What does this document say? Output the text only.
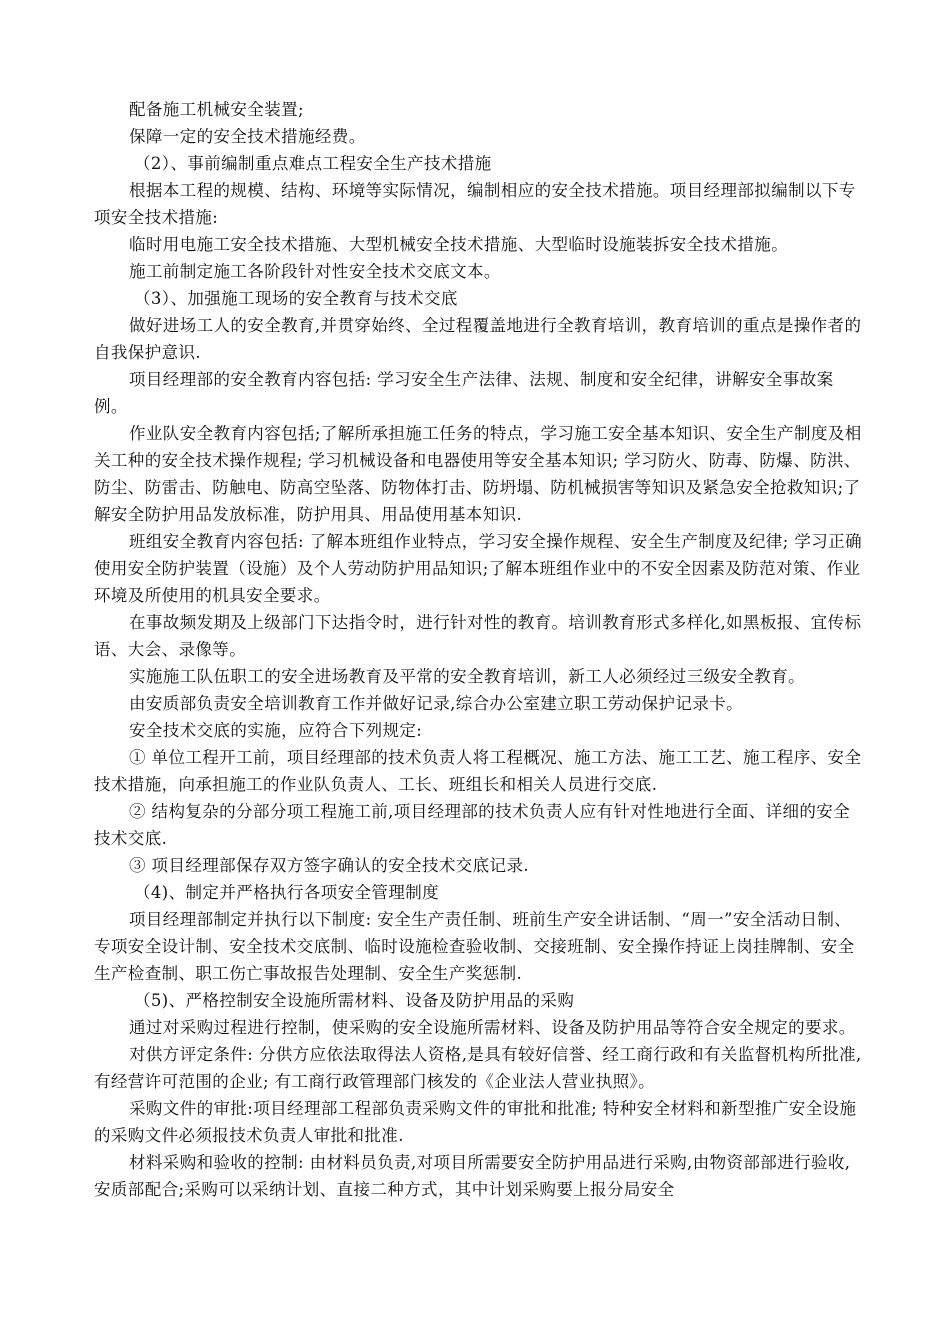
配备施工机械安全装置;

保障一定的安全技术措施经费。

（2）、事前编制重点难点工程安全生产技术措施

根据本工程的规模、结构、环境等实际情况，编制相应的安全技术措施。项目经理部拟编制以下专项安全技术措施:

临时用电施工安全技术措施、大型机械安全技术措施、大型临时设施装拆安全技术措施。

施工前制定施工各阶段针对性安全技术交底文本。

（3）、加强施工现场的安全教育与技术交底

做好进场工人的安全教育,并贯穿始终、全过程覆盖地进行全教育培训，教育培训的重点是操作者的自我保护意识.

项目经理部的安全教育内容包括: 学习安全生产法律、法规、制度和安全纪律，讲解安全事故案例。

作业队安全教育内容包括;了解所承担施工任务的特点，学习施工安全基本知识、安全生产制度及相关工种的安全技术操作规程; 学习机械设备和电器使用等安全基本知识; 学习防火、防毒、防爆、防洪、防尘、防雷击、防触电、防高空坠落、防物体打击、防坍塌、防机械损害等知识及紧急安全抢救知识;了解安全防护用品发放标准，防护用具、用品使用基本知识.

班组安全教育内容包括: 了解本班组作业特点，学习安全操作规程、安全生产制度及纪律; 学习正确使用安全防护装置（设施）及个人劳动防护用品知识;了解本班组作业中的不安全因素及防范对策、作业环境及所使用的机具安全要求。

在事故频发期及上级部门下达指令时，进行针对性的教育。培训教育形式多样化,如黑板报、宜传标语、大会、录像等。

实施施工队伍职工的安全进场教育及平常的安全教育培训，新工人必须经过三级安全教育。

由安质部负责安全培训教育工作并做好记录,综合办公室建立职工劳动保护记录卡。

安全技术交底的实施，应符合下列规定:

① 单位工程开工前，项目经理部的技术负责人将工程概况、施工方法、施工工艺、施工程序、安全技术措施，向承担施工的作业队负责人、工长、班组长和相关人员进行交底.

② 结构复杂的分部分项工程施工前,项目经理部的技术负责人应有针对性地进行全面、详细的安全技术交底.

③ 项目经理部保存双方签字确认的安全技术交底记录.

（4)、制定并严格执行各项安全管理制度

项目经理部制定并执行以下制度: 安全生产责任制、班前生产安全讲话制、“周一”安全活动日制、专项安全设计制、安全技术交底制、临时设施检查验收制、交接班制、安全操作持证上岗挂牌制、安全生产检查制、职工伤亡事故报告处理制、安全生产奖惩制.

（5)、严格控制安全设施所需材料、设备及防护用品的采购

通过对采购过程进行控制，使采购的安全设施所需材料、设备及防护用品等符合安全规定的要求。

对供方评定条件: 分供方应依法取得法人资格,是具有较好信誉、经工商行政和有关监督机构所批准,有经营许可范围的企业; 有工商行政管理部门核发的《企业法人营业执照》。

采购文件的审批:项目经理部工程部负责采购文件的审批和批准; 特种安全材料和新型推广安全设施的采购文件必须报技术负责人审批和批准.

材料采购和验收的控制: 由材料员负责,对项目所需要安全防护用品进行采购,由物资部部进行验收,安质部配合;采购可以采纳计划、直接二种方式，其中计划采购要上报分局安全
